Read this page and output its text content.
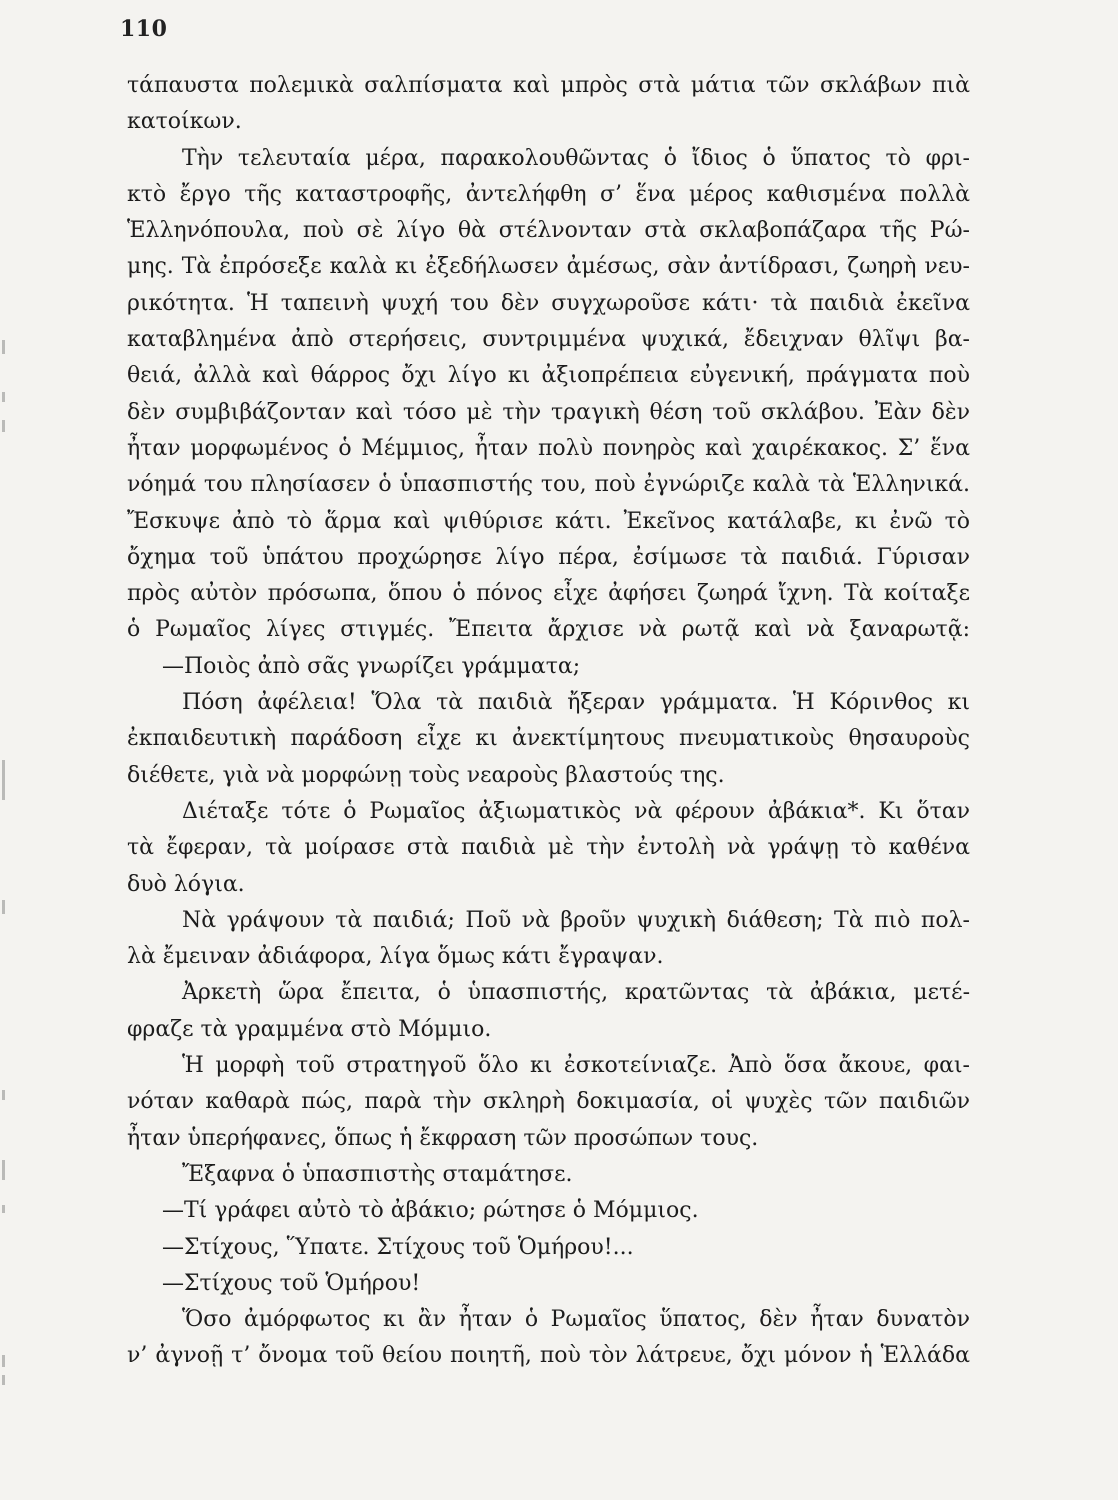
110
τάπαυστα πολεμικὰ σαλπίσματα καὶ μπρὸς στὰ μάτια τῶν σκλάβων πιὰ
κατοίκων.
Τὴν τελευταία μέρα, παρακολουθῶντας ὁ ἴδιος ὁ ὕπατος τὸ φρι-
κτὸ ἔργο τῆς καταστροφῆς, ἀντελήφθη σ’ ἕνα μέρος καθισμένα πολλὰ
Ἑλληνόπουλα, ποὺ σὲ λίγο θὰ στέλνονταν στὰ σκλαβοπάζαρα τῆς Ρώ-
μης. Τὰ ἐπρόσεξε καλὰ κι ἐξεδήλωσεν ἀμέσως, σὰν ἀντίδρασι, ζωηρὴ νευ-
ρικότητα. Ἡ ταπεινὴ ψυχή του δὲν συγχωροῦσε κάτι· τὰ παιδιὰ ἐκεῖνα
καταβλημένα ἀπὸ στερήσεις, συντριμμένα ψυχικά, ἔδειχναν θλῖψι βα-
θειά, ἀλλὰ καὶ θάρρος ὄχι λίγο κι ἀξιοπρέπεια εὐγενική, πράγματα ποὺ
δὲν συμβιβάζονταν καὶ τόσο μὲ τὴν τραγικὴ θέση τοῦ σκλάβου. Ἐὰν δὲν
ἦταν μορφωμένος ὁ Μέμμιος, ἦταν πολὺ πονηρὸς καὶ χαιρέκακος. Σ’ ἕνα
νόημά του πλησίασεν ὁ ὑπασπιστής του, ποὺ ἐγνώριζε καλὰ τὰ Ἑλληνικά.
Ἔσκυψε ἀπὸ τὸ ἅρμα καὶ ψιθύρισε κάτι. Ἐκεῖνος κατάλαβε, κι ἐνῶ τὸ
ὄχημα τοῦ ὑπάτου προχώρησε λίγο πέρα, ἐσίμωσε τὰ παιδιά. Γύρισαν
πρὸς αὐτὸν πρόσωπα, ὅπου ὁ πόνος εἶχε ἀφήσει ζωηρά ἴχνη. Τὰ κοίταξε
ὁ Ρωμαῖος λίγες στιγμές. Ἔπειτα ἄρχισε νὰ ρωτᾷ καὶ νὰ ξαναρωτᾷ:
—Ποιὸς ἀπὸ σᾶς γνωρίζει γράμματα;
Πόση ἀφέλεια! Ὅλα τὰ παιδιὰ ἤξεραν γράμματα. Ἡ Κόρινθος κι
ἐκπαιδευτικὴ παράδοση εἶχε κι ἀνεκτίμητους πνευματικοὺς θησαυροὺς
διέθετε, γιὰ νὰ μορφώνῃ τοὺς νεαροὺς βλαστούς της.
Διέταξε τότε ὁ Ρωμαῖος ἀξιωματικὸς νὰ φέρουν ἀβάκια*. Κι ὅταν
τὰ ἔφεραν, τὰ μοίρασε στὰ παιδιὰ μὲ τὴν ἐντολὴ νὰ γράψῃ τὸ καθένα
δυὸ λόγια.
Νὰ γράψουν τὰ παιδιά; Ποῦ νὰ βροῦν ψυχικὴ διάθεση; Τὰ πιὸ πολ-
λὰ ἔμειναν ἀδιάφορα, λίγα ὅμως κάτι ἔγραψαν.
Ἀρκετὴ ὥρα ἔπειτα, ὁ ὑπασπιστής, κρατῶντας τὰ ἀβάκια, μετέ-
φραζε τὰ γραμμένα στὸ Μόμμιο.
Ἡ μορφὴ τοῦ στρατηγοῦ ὅλο κι ἐσκοτείνιαζε. Ἀπὸ ὅσα ἄκουε, φαι-
νόταν καθαρὰ πώς, παρὰ τὴν σκληρὴ δοκιμασία, οἱ ψυχὲς τῶν παιδιῶν
ἦταν ὑπερήφανες, ὅπως ἡ ἔκφραση τῶν προσώπων τους.
Ἔξαφνα ὁ ὑπασπιστὴς σταμάτησε.
—Τί γράφει αὐτὸ τὸ ἀβάκιο; ρώτησε ὁ Μόμμιος.
—Στίχους, Ὕπατε. Στίχους τοῦ Ὁμήρου!...
—Στίχους τοῦ Ὁμήρου!
Ὅσο ἀμόρφωτος κι ἂν ἦταν ὁ Ρωμαῖος ὕπατος, δὲν ἦταν δυνατὸν
ν’ ἀγνοῇ τ’ ὄνομα τοῦ θείου ποιητῆ, ποὺ τὸν λάτρευε, ὄχι μόνον ἡ Ἑλλάδα
